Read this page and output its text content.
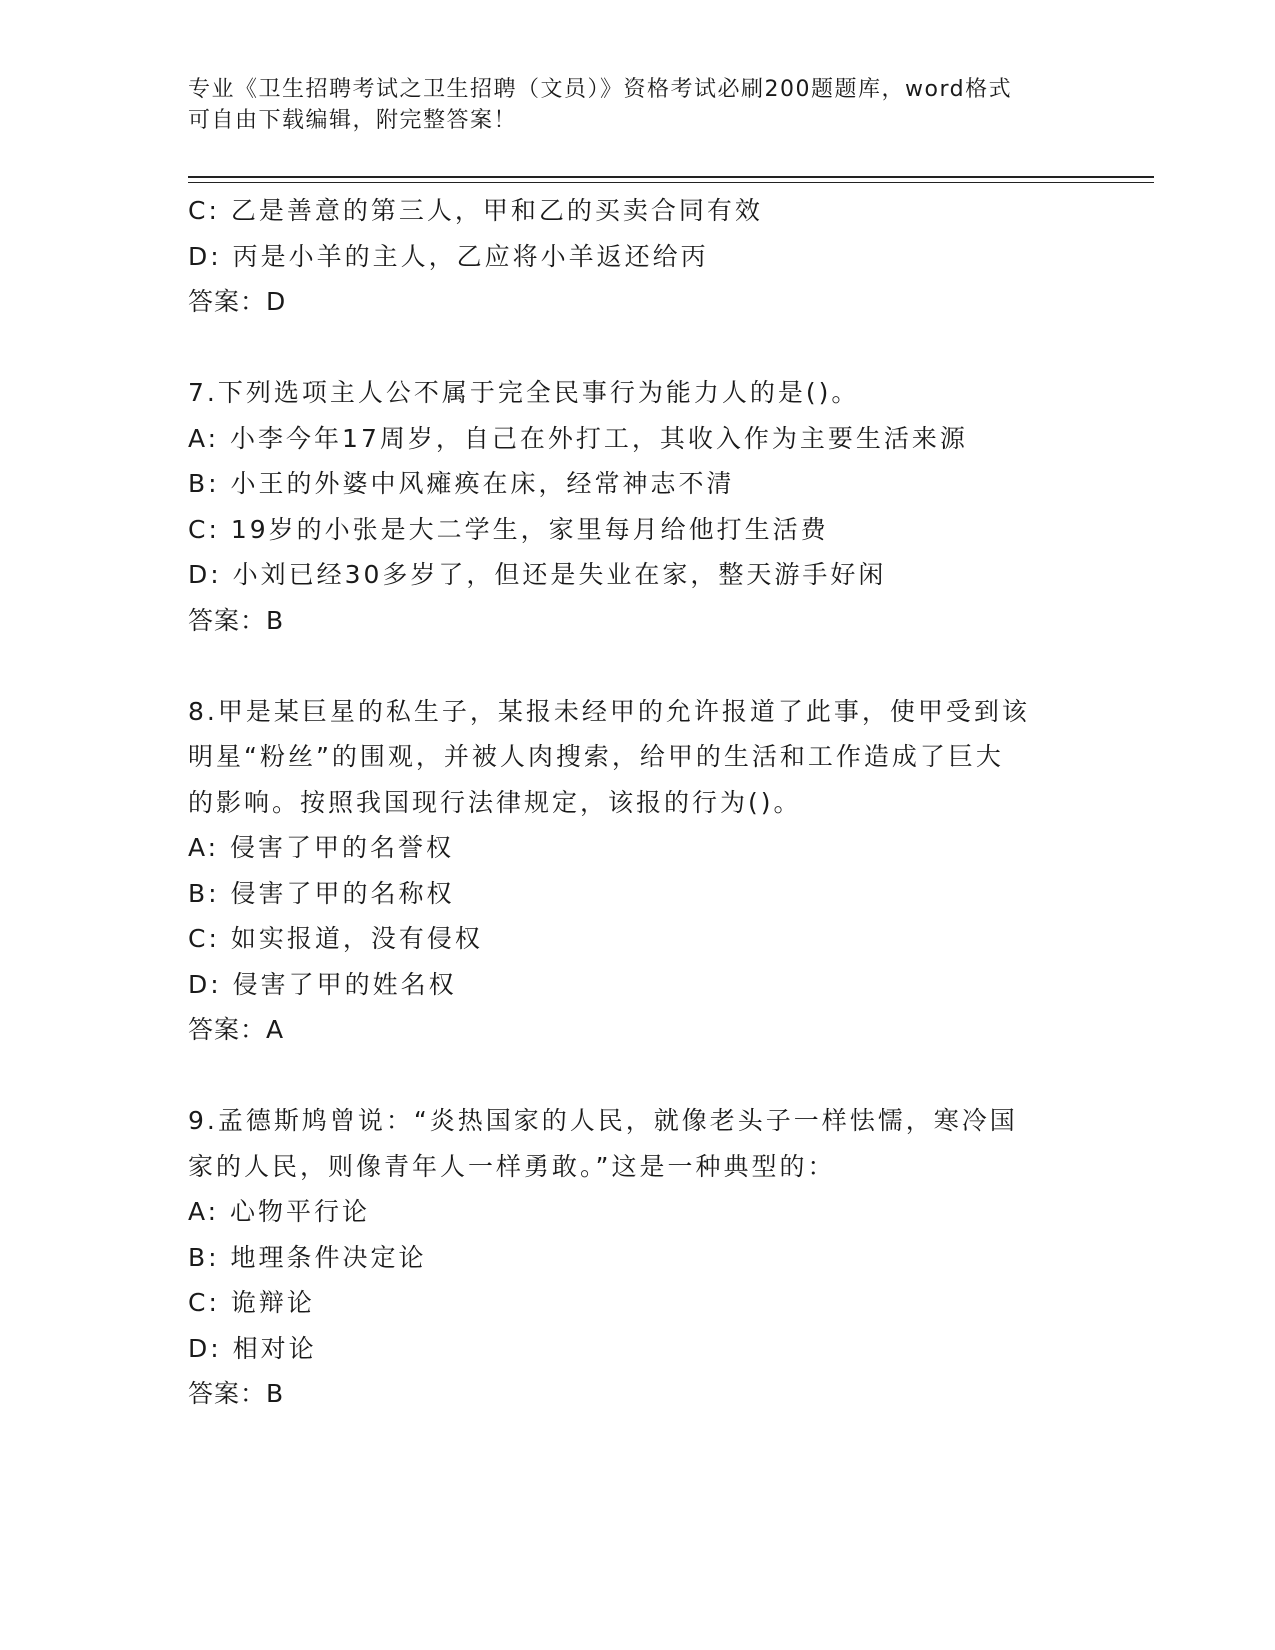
专业《卫生招聘考试之卫生招聘（文员）》资格考试必刷200题题库，word格式
可自由下载编辑，附完整答案！
C: 乙是善意的第三人，甲和乙的买卖合同有效
D: 丙是小羊的主人，乙应将小羊返还给丙
答案：D
7.下列选项主人公不属于完全民事行为能力人的是()。
A: 小李今年17周岁，自己在外打工，其收入作为主要生活来源
B: 小王的外婆中风瘫痪在床，经常神志不清
C: 19岁的小张是大二学生，家里每月给他打生活费
D: 小刘已经30多岁了，但还是失业在家，整天游手好闲
答案：B
8.甲是某巨星的私生子，某报未经甲的允许报道了此事，使甲受到该
明星“粉丝”的围观，并被人肉搜索，给甲的生活和工作造成了巨大
的影响。按照我国现行法律规定，该报的行为()。
A: 侵害了甲的名誉权
B: 侵害了甲的名称权
C: 如实报道，没有侵权
D: 侵害了甲的姓名权
答案：A
9.孟德斯鸠曾说：“炎热国家的人民，就像老头子一样怯懦，寒冷国
家的人民，则像青年人一样勇敢。”这是一种典型的：
A: 心物平行论
B: 地理条件决定论
C: 诡辩论
D: 相对论
答案：B
